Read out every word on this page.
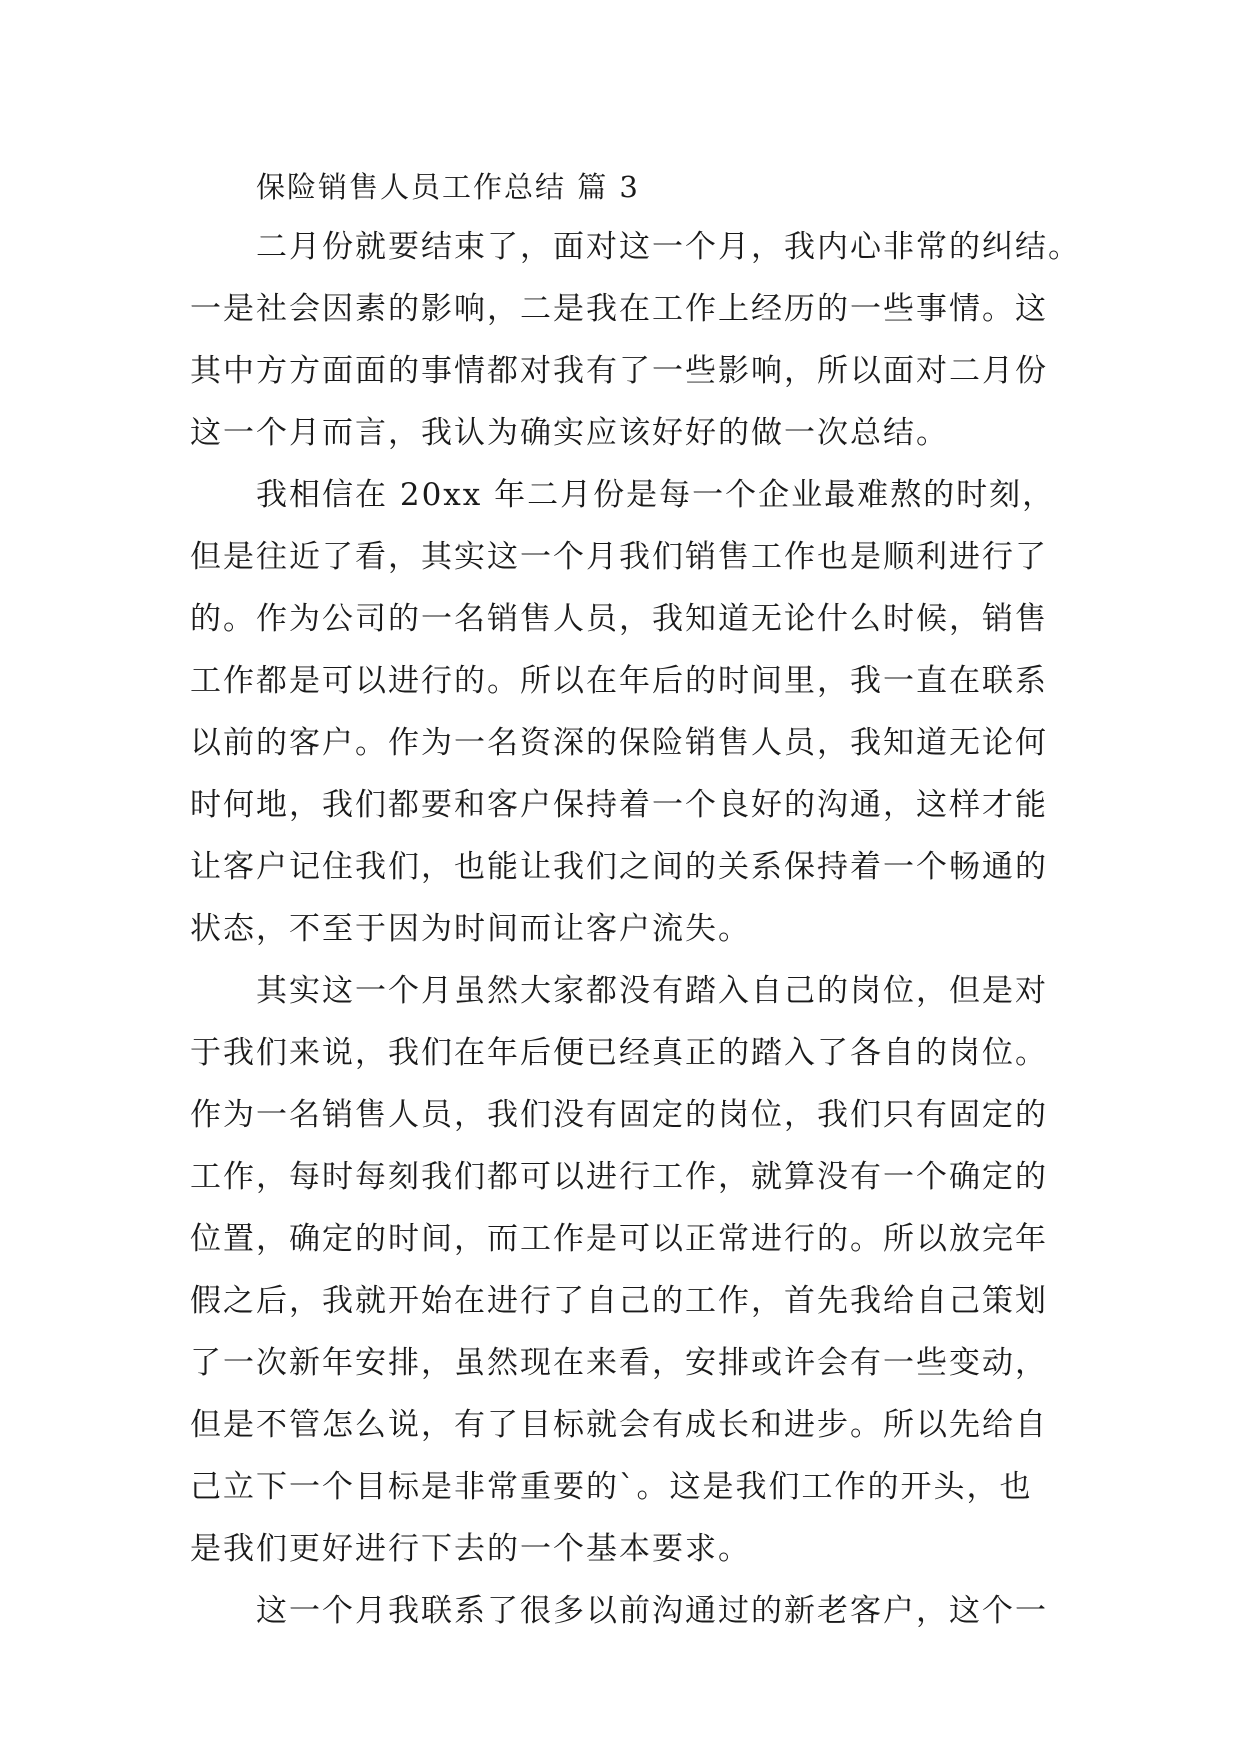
保险销售人员工作总结 篇 3
二月份就要结束了，面对这一个月，我内心非常的纠结。
一是社会因素的影响，二是我在工作上经历的一些事情。这
其中方方面面的事情都对我有了一些影响，所以面对二月份
这一个月而言，我认为确实应该好好的做一次总结。
我相信在 20xx 年二月份是每一个企业最难熬的时刻，
但是往近了看，其实这一个月我们销售工作也是顺利进行了
的。作为公司的一名销售人员，我知道无论什么时候，销售
工作都是可以进行的。所以在年后的时间里，我一直在联系
以前的客户。作为一名资深的保险销售人员，我知道无论何
时何地，我们都要和客户保持着一个良好的沟通，这样才能
让客户记住我们，也能让我们之间的关系保持着一个畅通的
状态，不至于因为时间而让客户流失。
其实这一个月虽然大家都没有踏入自己的岗位，但是对
于我们来说，我们在年后便已经真正的踏入了各自的岗位。
作为一名销售人员，我们没有固定的岗位，我们只有固定的
工作，每时每刻我们都可以进行工作，就算没有一个确定的
位置，确定的时间，而工作是可以正常进行的。所以放完年
假之后，我就开始在进行了自己的工作，首先我给自己策划
了一次新年安排，虽然现在来看，安排或许会有一些变动，
但是不管怎么说，有了目标就会有成长和进步。所以先给自
己立下一个目标是非常重要的`。这是我们工作的开头，也
是我们更好进行下去的一个基本要求。
这一个月我联系了很多以前沟通过的新老客户，这个一
